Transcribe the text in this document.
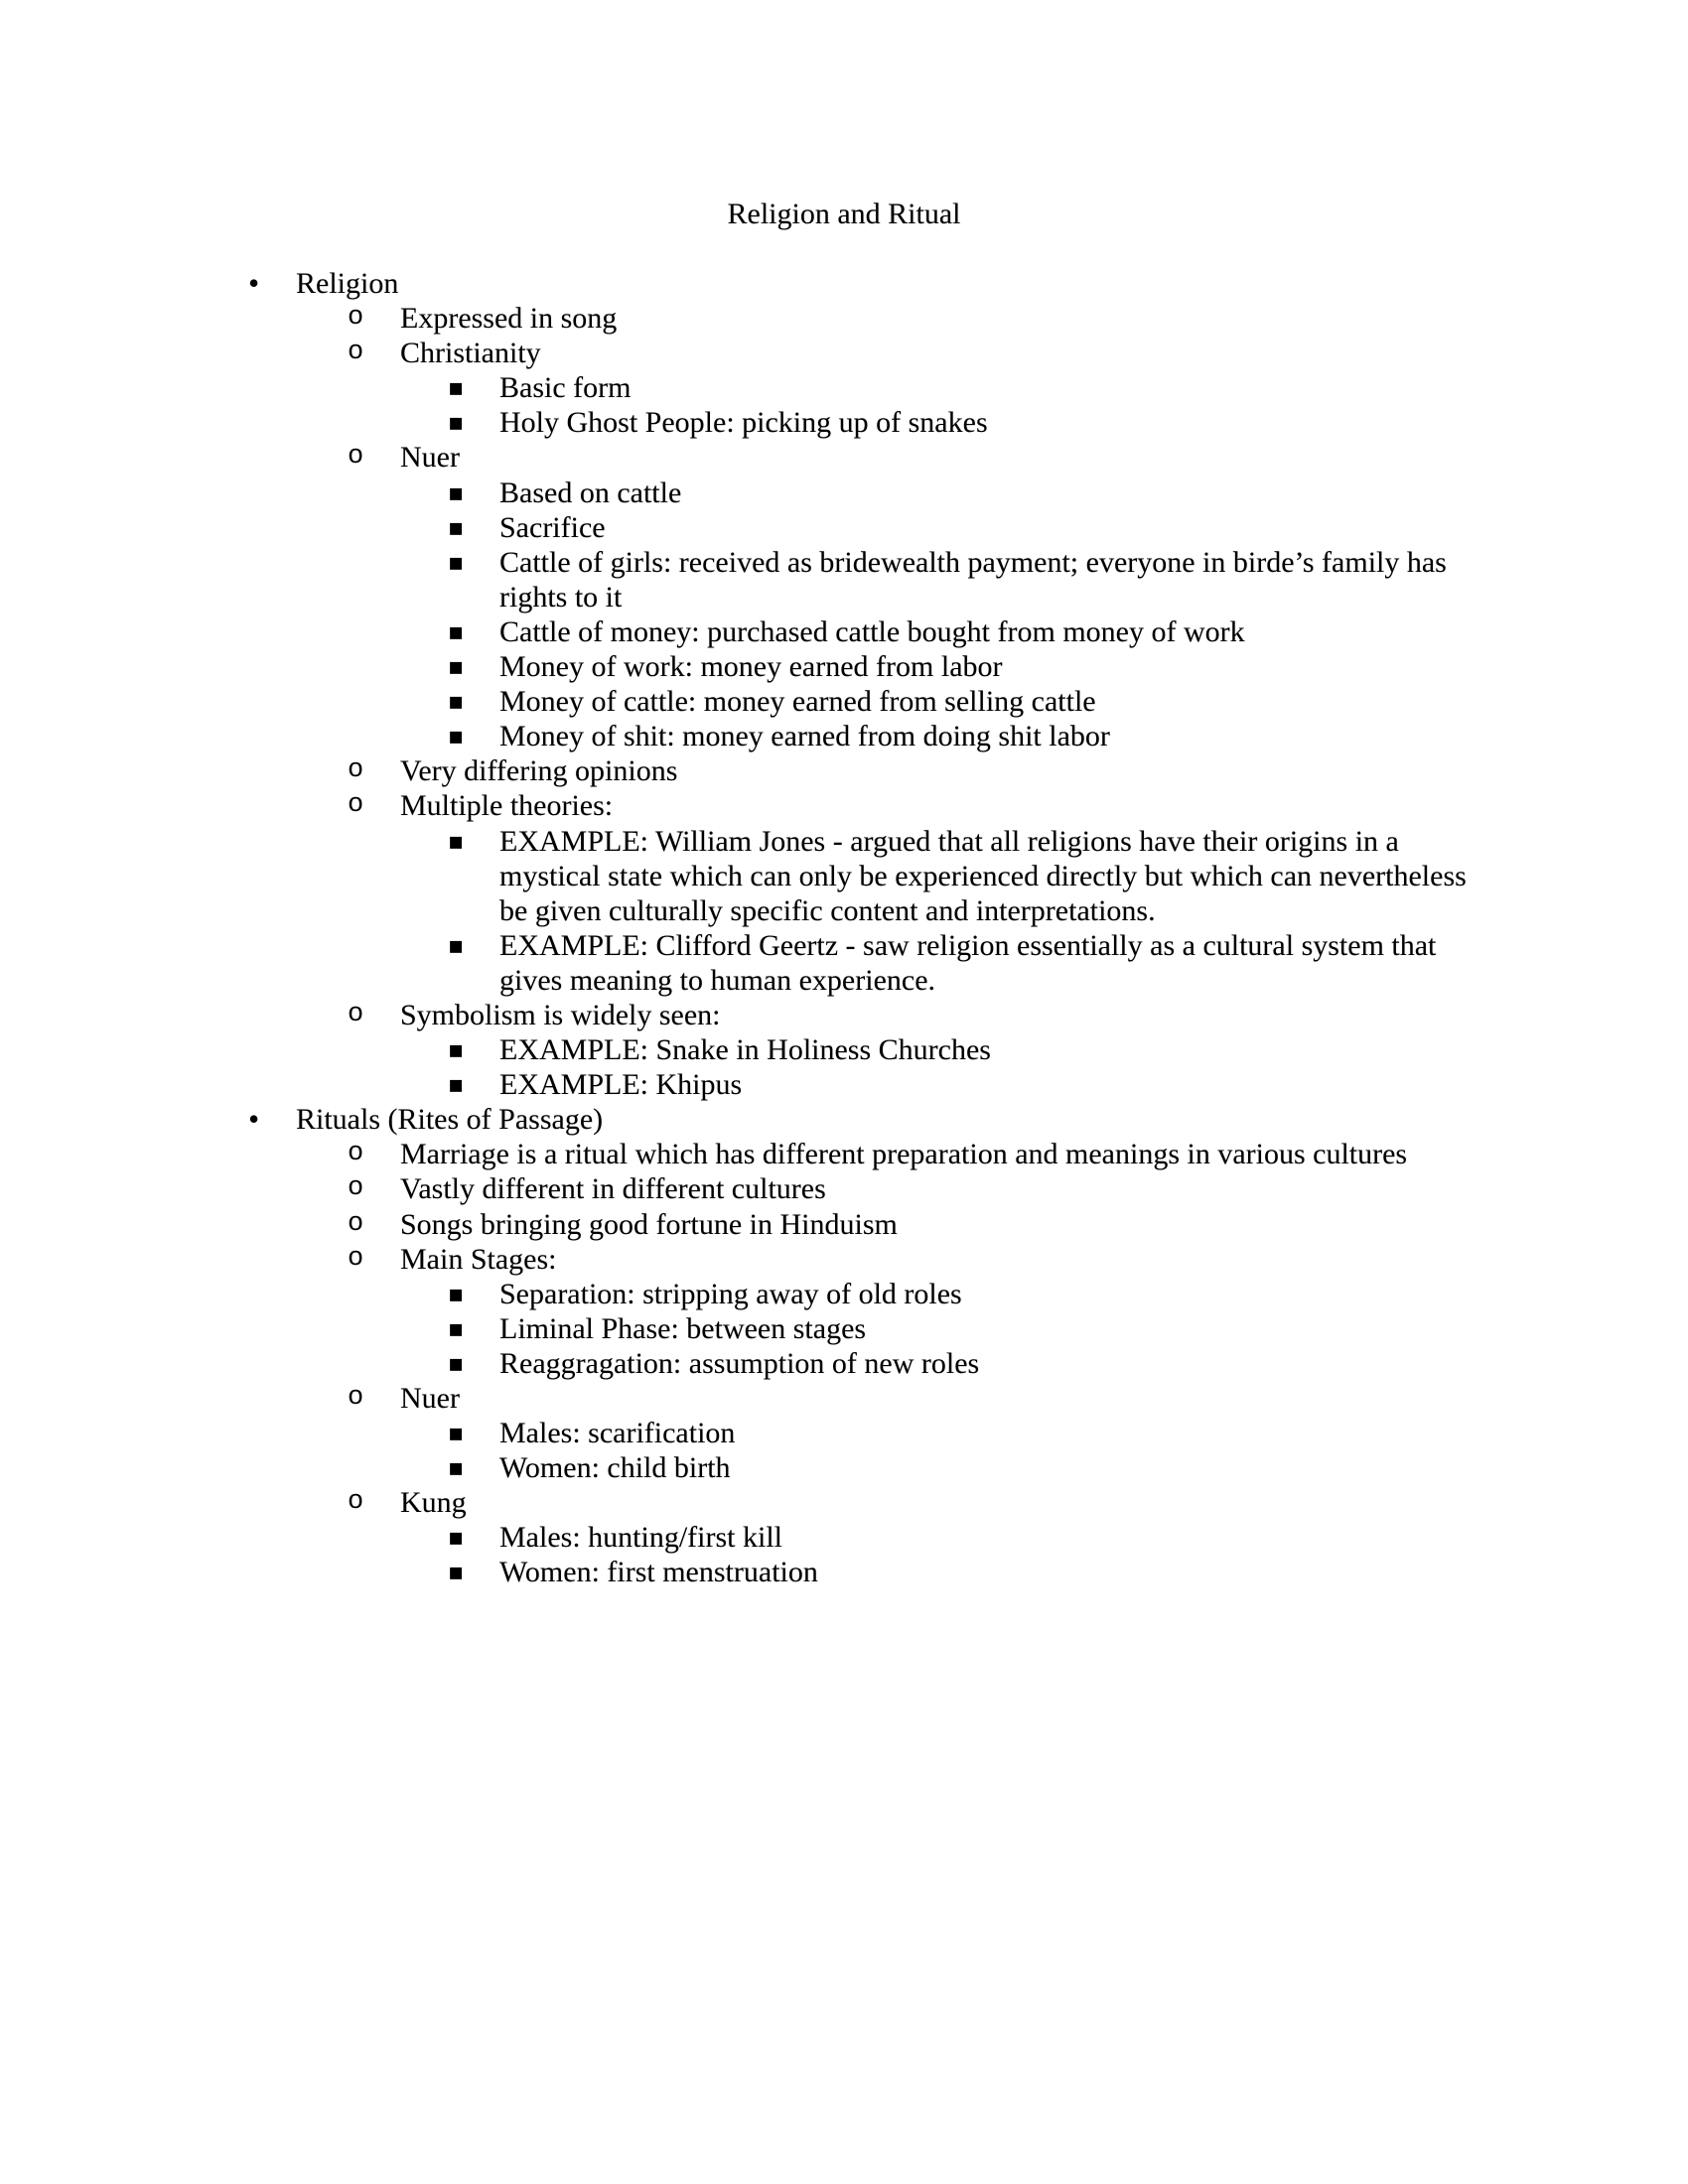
Religion and Ritual
• Religion
o Expressed in song
o Christianity
▪ Basic form
▪ Holy Ghost People: picking up of snakes
o Nuer
▪ Based on cattle
▪ Sacrifice
▪ Cattle of girls: received as bridewealth payment; everyone in birde’s family has
rights to it
▪ Cattle of money: purchased cattle bought from money of work
▪ Money of work: money earned from labor
▪ Money of cattle: money earned from selling cattle
▪ Money of shit: money earned from doing shit labor
o Very differing opinions
o Multiple theories:
▪ EXAMPLE: William Jones - argued that all religions have their origins in a
mystical state which can only be experienced directly but which can nevertheless
be given culturally specific content and interpretations.
▪ EXAMPLE: Clifford Geertz - saw religion essentially as a cultural system that
gives meaning to human experience.
o Symbolism is widely seen:
▪ EXAMPLE: Snake in Holiness Churches
▪ EXAMPLE: Khipus
• Rituals (Rites of Passage)
o Marriage is a ritual which has different preparation and meanings in various cultures
o Vastly different in different cultures
o Songs bringing good fortune in Hinduism
o Main Stages:
▪ Separation: stripping away of old roles
▪ Liminal Phase: between stages
▪ Reaggragation: assumption of new roles
o Nuer
▪ Males: scarification
▪ Women: child birth
o Kung
▪ Males: hunting/first kill
▪ Women: first menstruation
